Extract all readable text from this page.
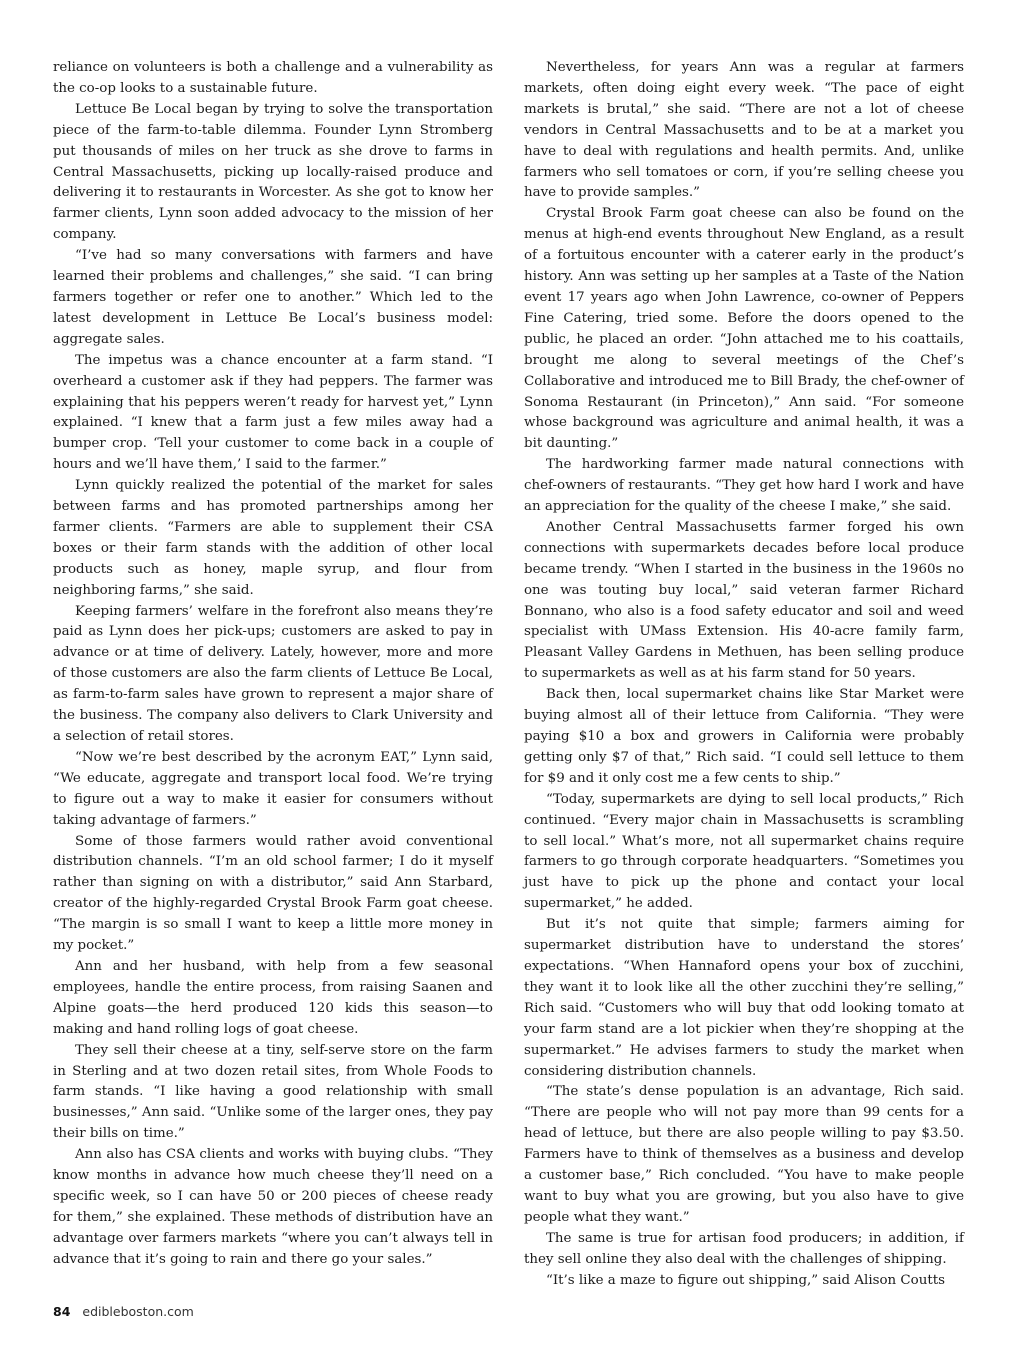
reliance on volunteers is both a challenge and a vulnerability as the co-op looks to a sustainable future.

Lettuce Be Local began by trying to solve the transportation piece of the farm-to-table dilemma. Founder Lynn Stromberg put thousands of miles on her truck as she drove to farms in Central Massachusetts, picking up locally-raised produce and delivering it to restaurants in Worcester. As she got to know her farmer clients, Lynn soon added advocacy to the mission of her company.

“I’ve had so many conversations with farmers and have learned their problems and challenges,” she said. “I can bring farmers together or refer one to another.” Which led to the latest development in Lettuce Be Local’s business model: aggregate sales.

The impetus was a chance encounter at a farm stand. “I overheard a customer ask if they had peppers. The farmer was explaining that his peppers weren’t ready for harvest yet,” Lynn explained. “I knew that a farm just a few miles away had a bumper crop. ‘Tell your customer to come back in a couple of hours and we’ll have them,’ I said to the farmer.”

Lynn quickly realized the potential of the market for sales between farms and has promoted partnerships among her farmer clients. “Farmers are able to supplement their CSA boxes or their farm stands with the addition of other local products such as honey, maple syrup, and flour from neighboring farms,” she said.

Keeping farmers’ welfare in the forefront also means they’re paid as Lynn does her pick-ups; customers are asked to pay in advance or at time of delivery. Lately, however, more and more of those customers are also the farm clients of Lettuce Be Local, as farm-to-farm sales have grown to represent a major share of the business. The company also delivers to Clark University and a selection of retail stores.

“Now we’re best described by the acronym EAT,” Lynn said, “We educate, aggregate and transport local food. We’re trying to figure out a way to make it easier for consumers without taking advantage of farmers.”

Some of those farmers would rather avoid conventional distribution channels. “I’m an old school farmer; I do it myself rather than signing on with a distributor,” said Ann Starbard, creator of the highly-regarded Crystal Brook Farm goat cheese. “The margin is so small I want to keep a little more money in my pocket.”

Ann and her husband, with help from a few seasonal employees, handle the entire process, from raising Saanen and Alpine goats—the herd produced 120 kids this season—to making and hand rolling logs of goat cheese.

They sell their cheese at a tiny, self-serve store on the farm in Sterling and at two dozen retail sites, from Whole Foods to farm stands. “I like having a good relationship with small businesses,” Ann said. “Unlike some of the larger ones, they pay their bills on time.”

Ann also has CSA clients and works with buying clubs. “They know months in advance how much cheese they’ll need on a specific week, so I can have 50 or 200 pieces of cheese ready for them,” she explained. These methods of distribution have an advantage over farmers markets “where you can’t always tell in advance that it’s going to rain and there go your sales.”

Nevertheless, for years Ann was a regular at farmers markets, often doing eight every week. “The pace of eight markets is brutal,” she said. “There are not a lot of cheese vendors in Central Massachusetts and to be at a market you have to deal with regulations and health permits. And, unlike farmers who sell tomatoes or corn, if you’re selling cheese you have to provide samples.”

Crystal Brook Farm goat cheese can also be found on the menus at high-end events throughout New England, as a result of a fortuitous encounter with a caterer early in the product’s history. Ann was setting up her samples at a Taste of the Nation event 17 years ago when John Lawrence, co-owner of Peppers Fine Catering, tried some. Before the doors opened to the public, he placed an order. “John attached me to his coattails, brought me along to several meetings of the Chef’s Collaborative and introduced me to Bill Brady, the chef-owner of Sonoma Restaurant (in Princeton),” Ann said. “For someone whose background was agriculture and animal health, it was a bit daunting.”

The hardworking farmer made natural connections with chef-owners of restaurants. “They get how hard I work and have an appreciation for the quality of the cheese I make,” she said.

Another Central Massachusetts farmer forged his own connections with supermarkets decades before local produce became trendy. “When I started in the business in the 1960s no one was touting buy local,” said veteran farmer Richard Bonnano, who also is a food safety educator and soil and weed specialist with UMass Extension. His 40-acre family farm, Pleasant Valley Gardens in Methuen, has been selling produce to supermarkets as well as at his farm stand for 50 years.

Back then, local supermarket chains like Star Market were buying almost all of their lettuce from California. “They were paying $10 a box and growers in California were probably getting only $7 of that,” Rich said. “I could sell lettuce to them for $9 and it only cost me a few cents to ship.”

“Today, supermarkets are dying to sell local products,” Rich continued. “Every major chain in Massachusetts is scrambling to sell local.” What’s more, not all supermarket chains require farmers to go through corporate headquarters. “Sometimes you just have to pick up the phone and contact your local supermarket,” he added.

But it’s not quite that simple; farmers aiming for supermarket distribution have to understand the stores’ expectations. “When Hannaford opens your box of zucchini, they want it to look like all the other zucchini they’re selling,” Rich said. “Customers who will buy that odd looking tomato at your farm stand are a lot pickier when they’re shopping at the supermarket.” He advises farmers to study the market when considering distribution channels.

“The state’s dense population is an advantage, Rich said. “There are people who will not pay more than 99 cents for a head of lettuce, but there are also people willing to pay $3.50. Farmers have to think of themselves as a business and develop a customer base,” Rich concluded. “You have to make people want to buy what you are growing, but you also have to give people what they want.”

The same is true for artisan food producers; in addition, if they sell online they also deal with the challenges of shipping.

“It’s like a maze to figure out shipping,” said Alison Coutts

84 edibleboston.com
